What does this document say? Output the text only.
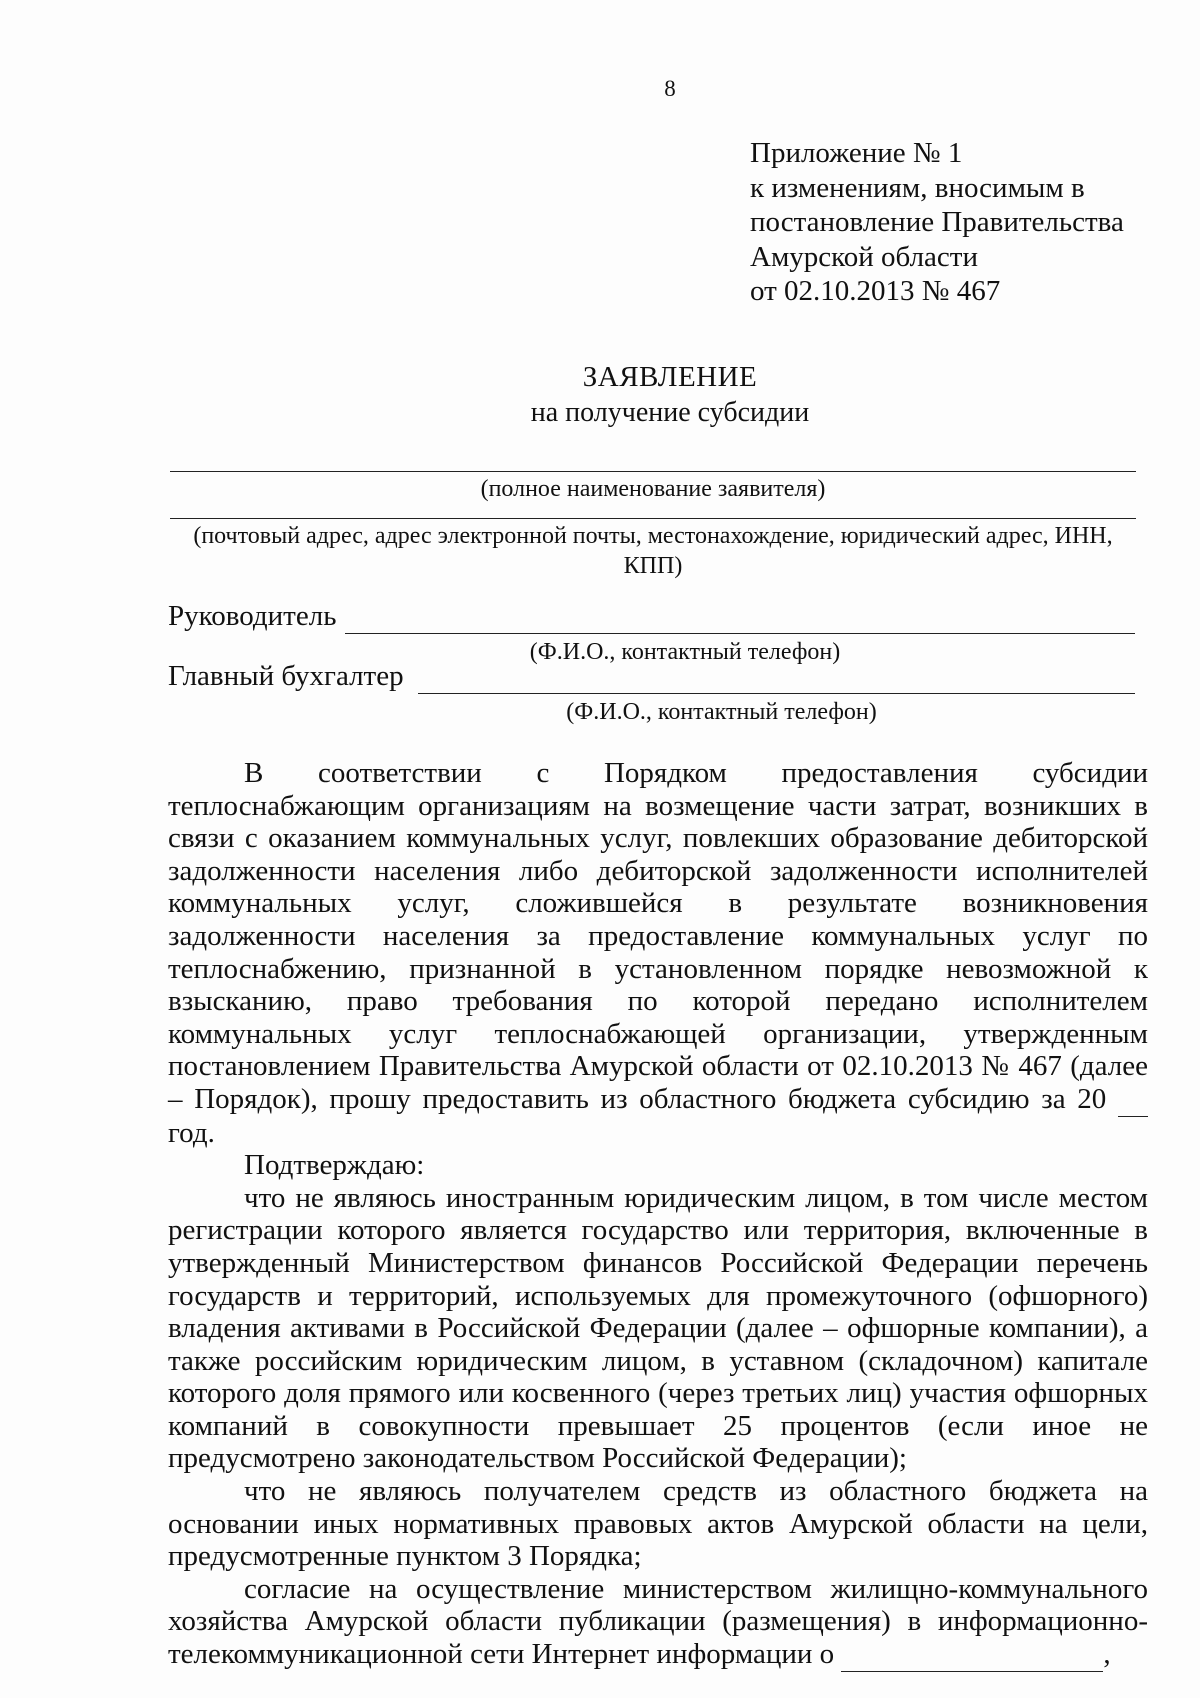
8
Приложение № 1
к изменениям, вносимым в
постановление Правительства
Амурской области
от 02.10.2013 № 467
ЗАЯВЛЕНИЕ
на получение субсидии
(полное наименование заявителя)
(почтовый адрес, адрес электронной почты, местонахождение, юридический адрес, ИНН,
КПП)
Руководитель
(Ф.И.О., контактный телефон)
Главный бухгалтер
(Ф.И.О., контактный телефон)

В соответствии с Порядком предоставления субсидии теплоснабжающим организациям на возмещение части затрат, возникших в связи с оказанием коммунальных услуг, повлекших образование дебиторской задолженности населения либо дебиторской задолженности исполнителей коммунальных услуг, сложившейся в результате возникновения задолженности населения за предоставление коммунальных услуг по теплоснабжению, признанной в установленном порядке невозможной к взысканию, право требования по которой передано исполнителем коммунальных услуг теплоснабжающей организации, утвержденным постановлением Правительства Амурской области от 02.10.2013 № 467 (далее – Порядок), прошу предоставить из областного бюджета субсидию за 20   год.

Подтверждаю:

что не являюсь иностранным юридическим лицом, в том числе местом регистрации которого является государство или территория, включенные в утвержденный Министерством финансов Российской Федерации перечень государств и территорий, используемых для промежуточного (офшорного) владения активами в Российской Федерации (далее – офшорные компании), а также российским юридическим лицом, в уставном (складочном) капитале которого доля прямого или косвенного (через третьих лиц) участия офшорных компаний в совокупности превышает 25 процентов (если иное не предусмотрено законодательством Российской Федерации);

что не являюсь получателем средств из областного бюджета на основании иных нормативных правовых актов Амурской области на цели, предусмотренные пунктом 3 Порядка;

согласие на осуществление министерством жилищно-коммунального хозяйства Амурской области публикации (размещения) в информационно-телекоммуникационной сети Интернет информации о	,
